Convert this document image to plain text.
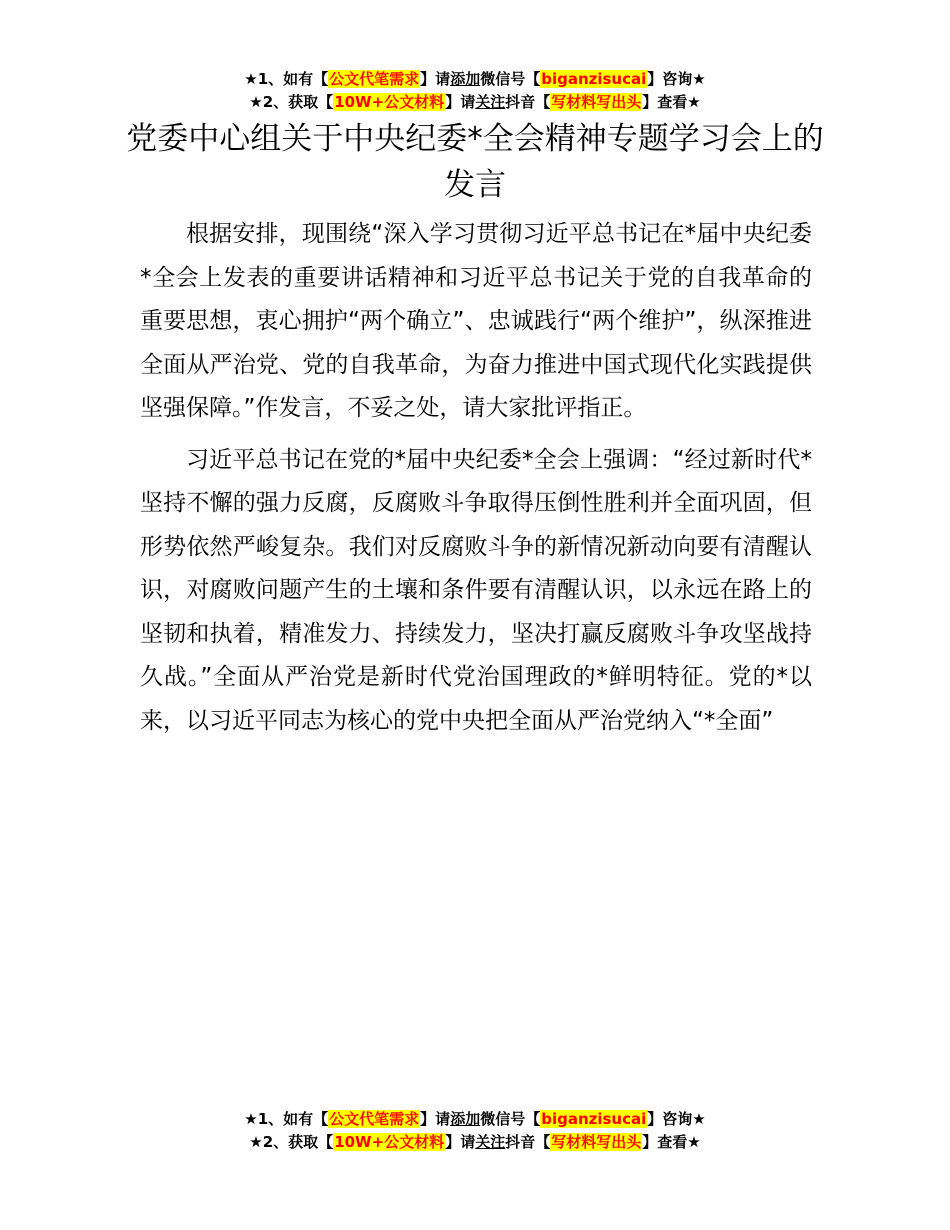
★1、如有【公文代笔需求】请添加微信号【biganzisucai】咨询★
★2、获取【10W+公文材料】请关注抖音【写材料写出头】查看★
党委中心组关于中央纪委*全会精神专题学习会上的发言

根据安排，现围绕“深入学习贯彻习近平总书记在*届中央纪委*全会上发表的重要讲话精神和习近平总书记关于党的自我革命的重要思想，衷心拥护“两个确立”、忠诚践行“两个维护”，纵深推进全面从严治党、党的自我革命，为奋力推进中国式现代化实践提供坚强保障。”作发言，不妥之处，请大家批评指正。

习近平总书记在党的*届中央纪委*全会上强调：“经过新时代*坚持不懈的强力反腐，反腐败斗争取得压倒性胜利并全面巩固，但形势依然严峻复杂。我们对反腐败斗争的新情况新动向要有清醒认识，对腐败问题产生的土壤和条件要有清醒认识，以永远在路上的坚韧和执着，精准发力、持续发力，坚决打赢反腐败斗争攻坚战持久战。”全面从严治党是新时代党治国理政的*鲜明特征。党的*以来，以习近平同志为核心的党中央把全面从严治党纳入“*全面”

★1、如有【公文代笔需求】请添加微信号【biganzisucai】咨询★
★2、获取【10W+公文材料】请关注抖音【写材料写出头】查看★
